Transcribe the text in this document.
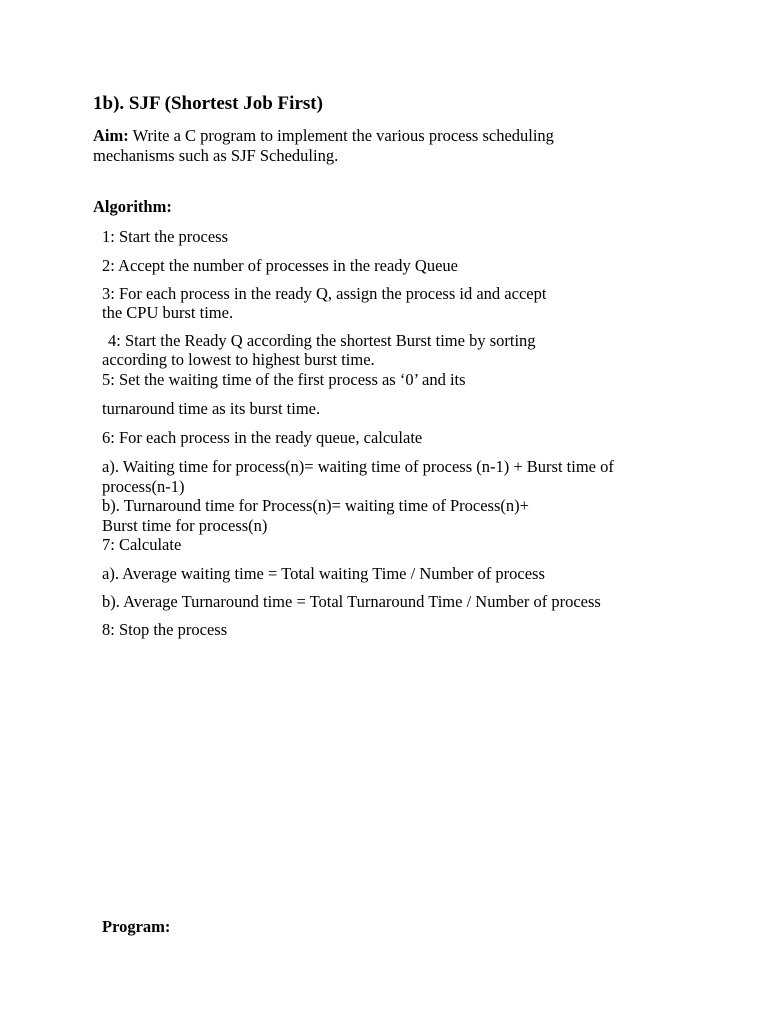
1b). SJF (Shortest Job First)
Aim: Write a C program to implement the various process scheduling mechanisms such as SJF Scheduling.
Algorithm:
1: Start the process
2: Accept the number of processes in the ready Queue
3: For each process in the ready Q, assign the process id and accept
the CPU burst time.
4: Start the Ready Q according the shortest Burst time by sorting
according to lowest to highest burst time.
5: Set the waiting time of the first process as ‘0’ and its
turnaround time as its burst time.
6: For each process in the ready queue, calculate
a). Waiting time for process(n)= waiting time of process (n-1) + Burst time of
process(n-1)
b). Turnaround time for Process(n)= waiting time of Process(n)+
Burst time for process(n)
7: Calculate
a). Average waiting time = Total waiting Time / Number of process
b). Average Turnaround time = Total Turnaround Time / Number of process
8: Stop the process
Program:
